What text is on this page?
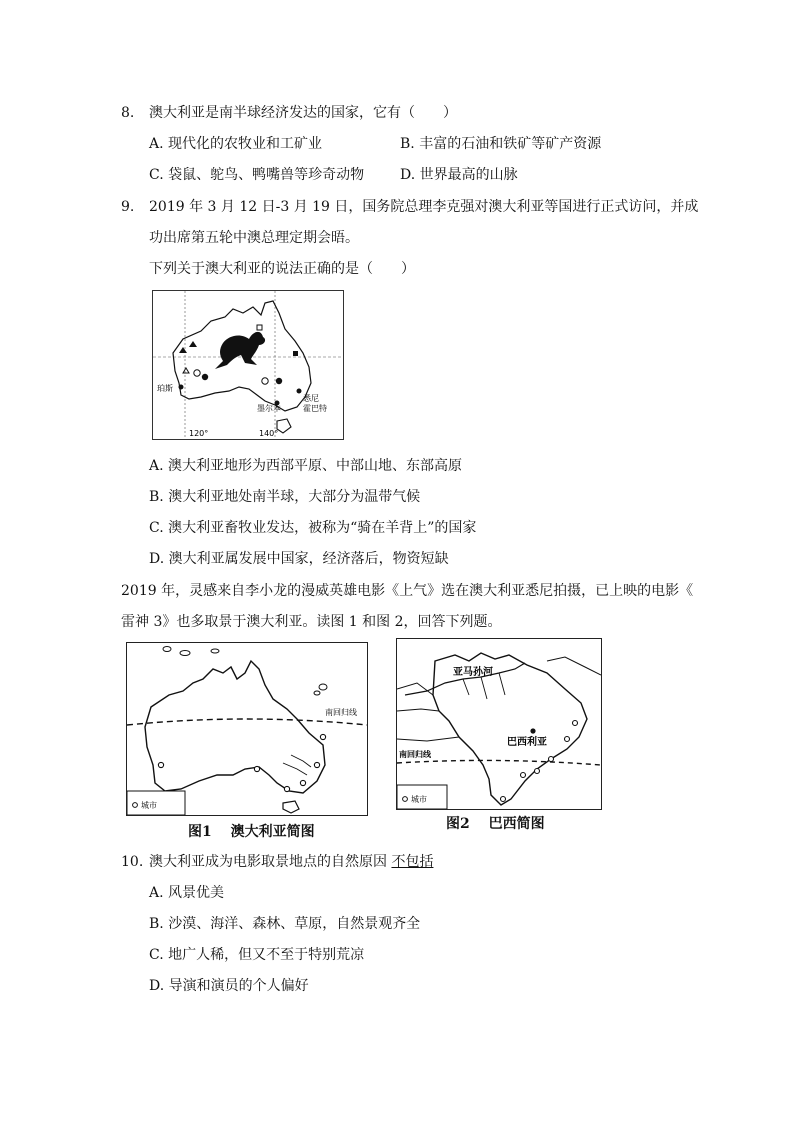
8. 澳大利亚是南半球经济发达的国家，它有（　　）
A. 现代化的农牧业和工矿业	B. 丰富的石油和铁矿等矿产资源
C. 袋鼠、鸵鸟、鸭嘴兽等珍奇动物	D. 世界最高的山脉
9. 2019 年 3 月 12 日-3 月 19 日，国务院总理李克强对澳大利亚等国进行正式访问，并成
功出席第五轮中澳总理定期会晤。
下列关于澳大利亚的说法正确的是（　　）
珀斯
墨尔本
悉尼
霍巴特
120°	140°
A. 澳大利亚地形为西部平原、中部山地、东部高原
B. 澳大利亚地处南半球，大部分为温带气候
C. 澳大利亚畜牧业发达，被称为“骑在羊背上”的国家
D. 澳大利亚属发展中国家，经济落后，物资短缺
2019 年，灵感来自李小龙的漫威英雄电影《上气》选在澳大利亚悉尼拍摄，已上映的电影《
雷神 3》也多取景于澳大利亚。读图 1 和图 2，回答下列题。
南回归线
城市
图1　 澳大利亚简图
亚马孙河
南回归线
巴西利亚
城市
图2　 巴西简图
10. 澳大利亚成为电影取景地点的自然原因 不包括
A. 风景优美
B. 沙漠、海洋、森林、草原，自然景观齐全
C. 地广人稀，但又不至于特别荒凉
D. 导演和演员的个人偏好
